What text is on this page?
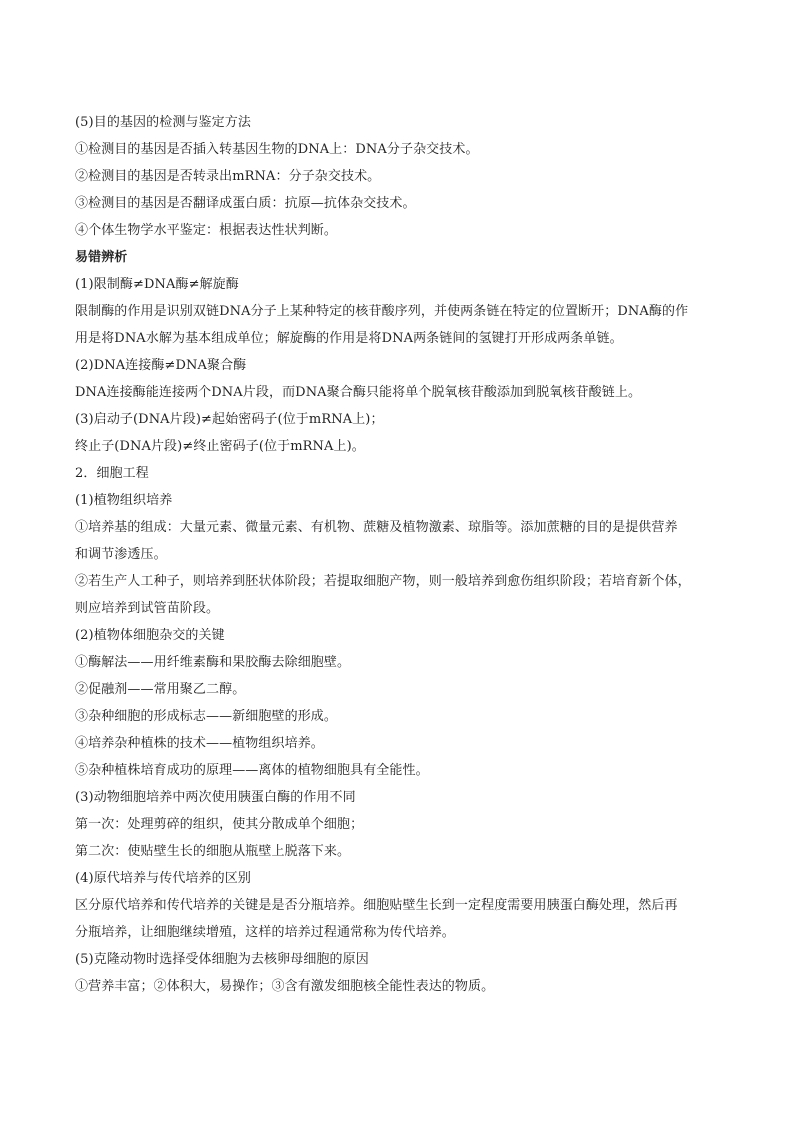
(5)目的基因的检测与鉴定方法
①检测目的基因是否插入转基因生物的DNA上：DNA分子杂交技术。
②检测目的基因是否转录出mRNA：分子杂交技术。
③检测目的基因是否翻译成蛋白质：抗原—抗体杂交技术。
④个体生物学水平鉴定：根据表达性状判断。
易错辨析
(1)限制酶≠DNA酶≠解旋酶
限制酶的作用是识别双链DNA分子上某种特定的核苷酸序列，并使两条链在特定的位置断开；DNA酶的作
用是将DNA水解为基本组成单位；解旋酶的作用是将DNA两条链间的氢键打开形成两条单链。
(2)DNA连接酶≠DNA聚合酶
DNA连接酶能连接两个DNA片段，而DNA聚合酶只能将单个脱氧核苷酸添加到脱氧核苷酸链上。
(3)启动子(DNA片段)≠起始密码子(位于mRNA上)；
终止子(DNA片段)≠终止密码子(位于mRNA上)。
2．细胞工程
(1)植物组织培养
①培养基的组成：大量元素、微量元素、有机物、蔗糖及植物激素、琼脂等。添加蔗糖的目的是提供营养
和调节渗透压。
②若生产人工种子，则培养到胚状体阶段；若提取细胞产物，则一般培养到愈伤组织阶段；若培育新个体，
则应培养到试管苗阶段。
(2)植物体细胞杂交的关键
①酶解法——用纤维素酶和果胶酶去除细胞壁。
②促融剂——常用聚乙二醇。
③杂种细胞的形成标志——新细胞壁的形成。
④培养杂种植株的技术——植物组织培养。
⑤杂种植株培育成功的原理——离体的植物细胞具有全能性。
(3)动物细胞培养中两次使用胰蛋白酶的作用不同
第一次：处理剪碎的组织，使其分散成单个细胞；
第二次：使贴壁生长的细胞从瓶壁上脱落下来。
(4)原代培养与传代培养的区别
区分原代培养和传代培养的关键是是否分瓶培养。细胞贴壁生长到一定程度需要用胰蛋白酶处理，然后再
分瓶培养，让细胞继续增殖，这样的培养过程通常称为传代培养。
(5)克隆动物时选择受体细胞为去核卵母细胞的原因
①营养丰富；②体积大，易操作；③含有激发细胞核全能性表达的物质。
